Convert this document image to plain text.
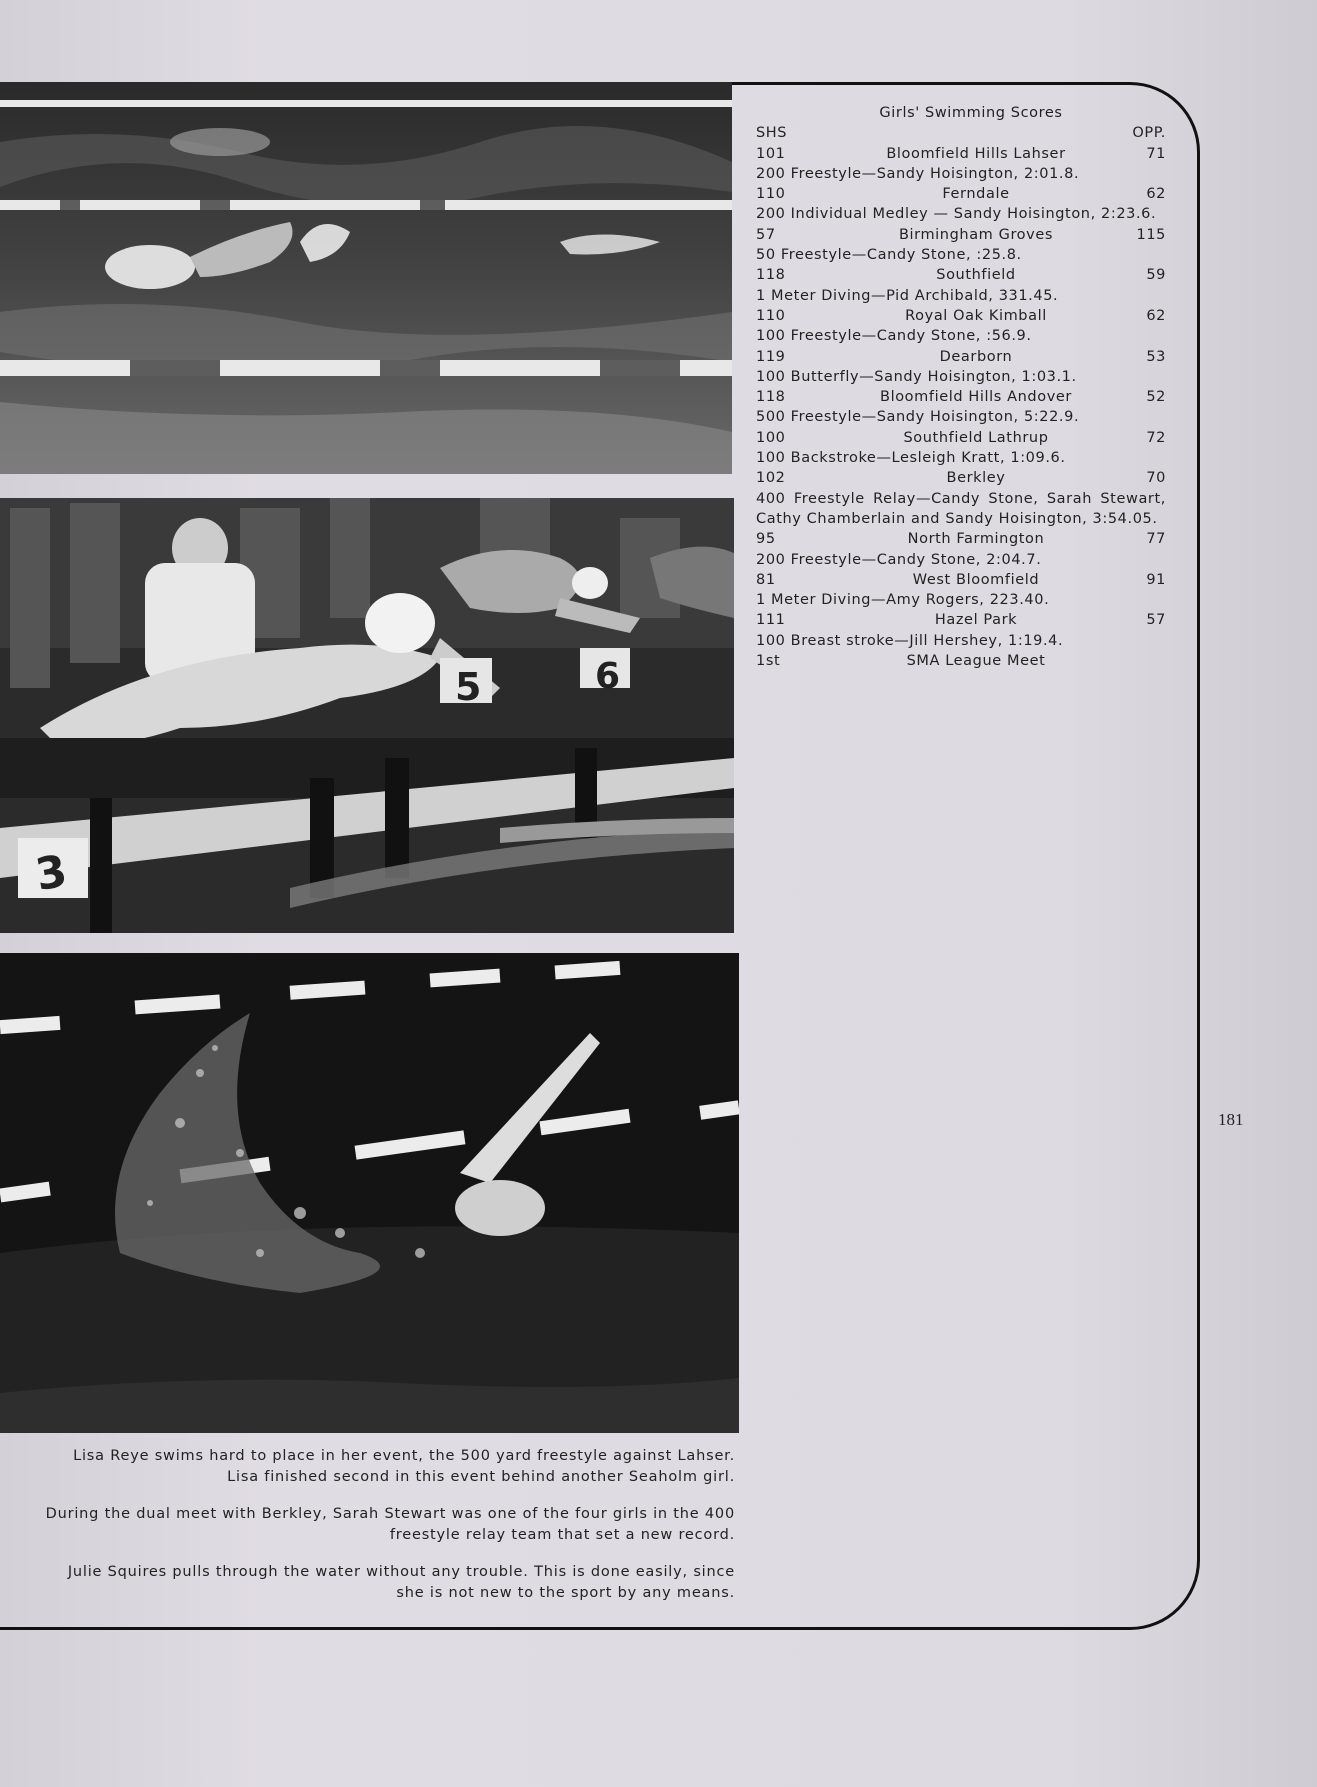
5	6
3
Girls' Swimming Scores
SHS	OPP.
101	Bloomfield Hills Lahser	71
200 Freestyle—Sandy Hoisington, 2:01.8.
110	Ferndale	62
200 Individual Medley — Sandy Hoisington, 2:23.6.
57	Birmingham Groves	115
50 Freestyle—Candy Stone, :25.8.
118	Southfield	59
1 Meter Diving—Pid Archibald, 331.45.
110	Royal Oak Kimball	62
100 Freestyle—Candy Stone, :56.9.
119	Dearborn	53
100 Butterfly—Sandy Hoisington, 1:03.1.
118	Bloomfield Hills Andover	52
500 Freestyle—Sandy Hoisington, 5:22.9.
100	Southfield Lathrup	72
100 Backstroke—Lesleigh Kratt, 1:09.6.
102	Berkley	70
400 Freestyle Relay—Candy Stone, Sarah Stewart, Cathy Chamberlain and Sandy Hoisington, 3:54.05.
95	North Farmington	77
200 Freestyle—Candy Stone, 2:04.7.
81	West Bloomfield	91
1 Meter Diving—Amy Rogers, 223.40.
111	Hazel Park	57
100 Breast stroke—Jill Hershey, 1:19.4.
1st	SMA League Meet

Lisa Reye swims hard to place in her event, the 500 yard freestyle against Lahser. Lisa finished second in this event behind another Seaholm girl.

During the dual meet with Berkley, Sarah Stewart was one of the four girls in the 400 freestyle relay team that set a new record.

Julie Squires pulls through the water without any trouble. This is done easily, since she is not new to the sport by any means.

181
